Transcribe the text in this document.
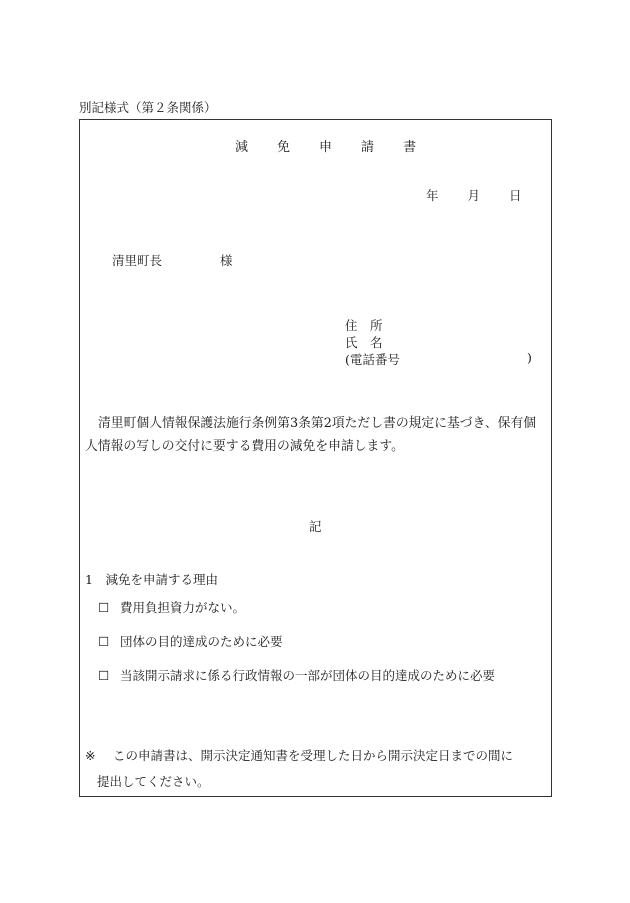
別記様式（第２条関係）
減 免 申 請 書
年 月 日
清里町長	様
住　所
氏　名
(電話番号	)
清里町個人情報保護法施行条例第3条第2項ただし書の規定に基づき、保有個人情報の写しの交付に要する費用の減免を申請します。
記
1　減免を申請する理由
☐ 費用負担資力がない。
☐ 団体の目的達成のために必要
☐ 当該開示請求に係る行政情報の一部が団体の目的達成のために必要
※ この申請書は、開示決定通知書を受理した日から開示決定日までの間に
提出してください。
